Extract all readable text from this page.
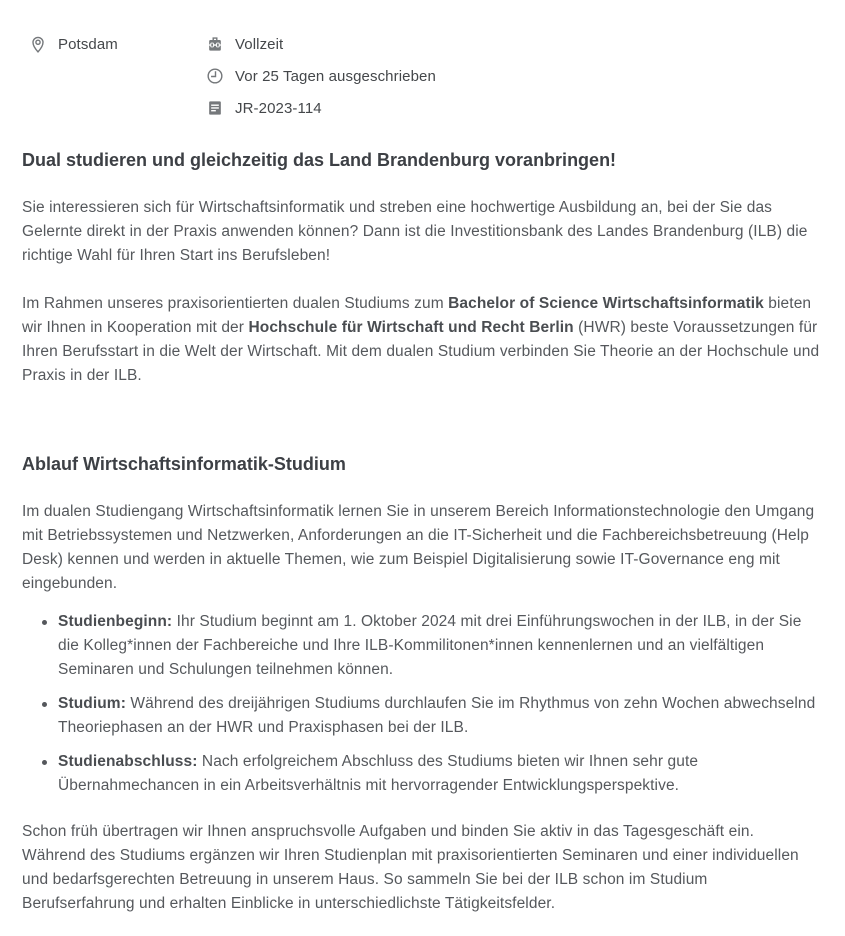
Potsdam	Vollzeit
Vor 25 Tagen ausgeschrieben
JR-2023-114
Dual studieren und gleichzeitig das Land Brandenburg voranbringen!

Sie interessieren sich für Wirtschaftsinformatik und streben eine hochwertige Ausbildung an, bei der Sie das Gelernte direkt in der Praxis anwenden können? Dann ist die Investitionsbank des Landes Brandenburg (ILB) die richtige Wahl für Ihren Start ins Berufsleben!

Im Rahmen unseres praxisorientierten dualen Studiums zum Bachelor of Science Wirtschaftsinformatik bieten wir Ihnen in Kooperation mit der Hochschule für Wirtschaft und Recht Berlin (HWR) beste Voraussetzungen für Ihren Berufsstart in die Welt der Wirtschaft. Mit dem dualen Studium verbinden Sie Theorie an der Hochschule und Praxis in der ILB.

Ablauf Wirtschaftsinformatik-Studium

Im dualen Studiengang Wirtschaftsinformatik lernen Sie in unserem Bereich Informationstechnologie den Umgang mit Betriebssystemen und Netzwerken, Anforderungen an die IT-Sicherheit und die Fachbereichsbetreuung (Help Desk) kennen und werden in aktuelle Themen, wie zum Beispiel Digitalisierung sowie IT-Governance eng mit eingebunden.

Studienbeginn: Ihr Studium beginnt am 1. Oktober 2024 mit drei Einführungswochen in der ILB, in der Sie die Kolleg*innen der Fachbereiche und Ihre ILB-Kommilitonen*innen kennenlernen und an vielfältigen Seminaren und Schulungen teilnehmen können.
Studium: Während des dreijährigen Studiums durchlaufen Sie im Rhythmus von zehn Wochen abwechselnd Theoriephasen an der HWR und Praxisphasen bei der ILB.
Studienabschluss: Nach erfolgreichem Abschluss des Studiums bieten wir Ihnen sehr gute Übernahmechancen in ein Arbeitsverhältnis mit hervorragender Entwicklungsperspektive.

Schon früh übertragen wir Ihnen anspruchsvolle Aufgaben und binden Sie aktiv in das Tagesgeschäft ein. Während des Studiums ergänzen wir Ihren Studienplan mit praxisorientierten Seminaren und einer individuellen und bedarfsgerechten Betreuung in unserem Haus. So sammeln Sie bei der ILB schon im Studium Berufserfahrung und erhalten Einblicke in unterschiedlichste Tätigkeitsfelder.
